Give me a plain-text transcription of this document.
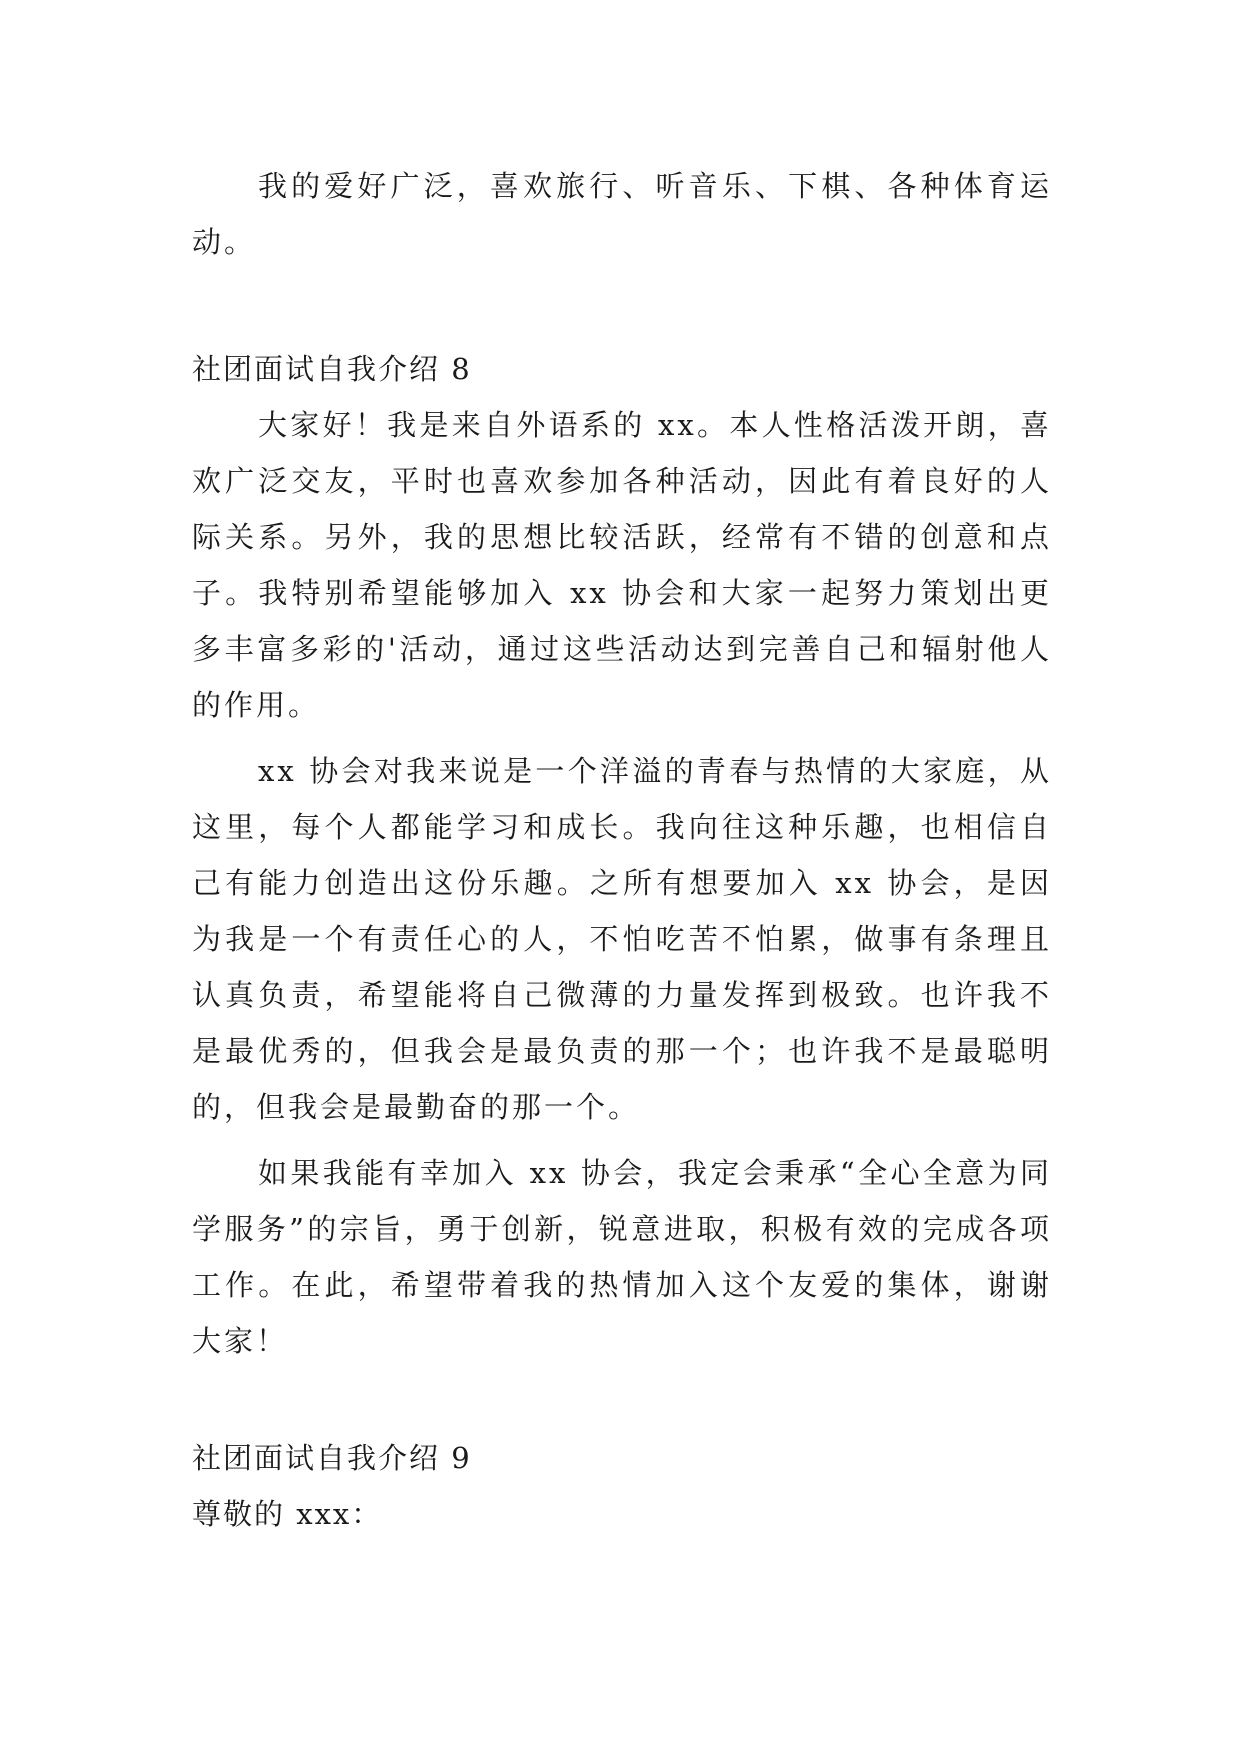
我的爱好广泛，喜欢旅行、听音乐、下棋、各种体育运动。
社团面试自我介绍 8
大家好！我是来自外语系的 xx。本人性格活泼开朗，喜欢广泛交友，平时也喜欢参加各种活动，因此有着良好的人际关系。另外，我的思想比较活跃，经常有不错的创意和点子。我特别希望能够加入 xx 协会和大家一起努力策划出更多丰富多彩的'活动，通过这些活动达到完善自己和辐射他人的作用。
xx 协会对我来说是一个洋溢的青春与热情的大家庭，从这里，每个人都能学习和成长。我向往这种乐趣，也相信自己有能力创造出这份乐趣。之所有想要加入 xx 协会，是因为我是一个有责任心的人，不怕吃苦不怕累，做事有条理且认真负责，希望能将自己微薄的力量发挥到极致。也许我不是最优秀的，但我会是最负责的那一个；也许我不是最聪明的，但我会是最勤奋的那一个。
如果我能有幸加入 xx 协会，我定会秉承“全心全意为同学服务”的宗旨，勇于创新，锐意进取，积极有效的完成各项工作。在此，希望带着我的热情加入这个友爱的集体，谢谢大家！
社团面试自我介绍 9
尊敬的 xxx：
